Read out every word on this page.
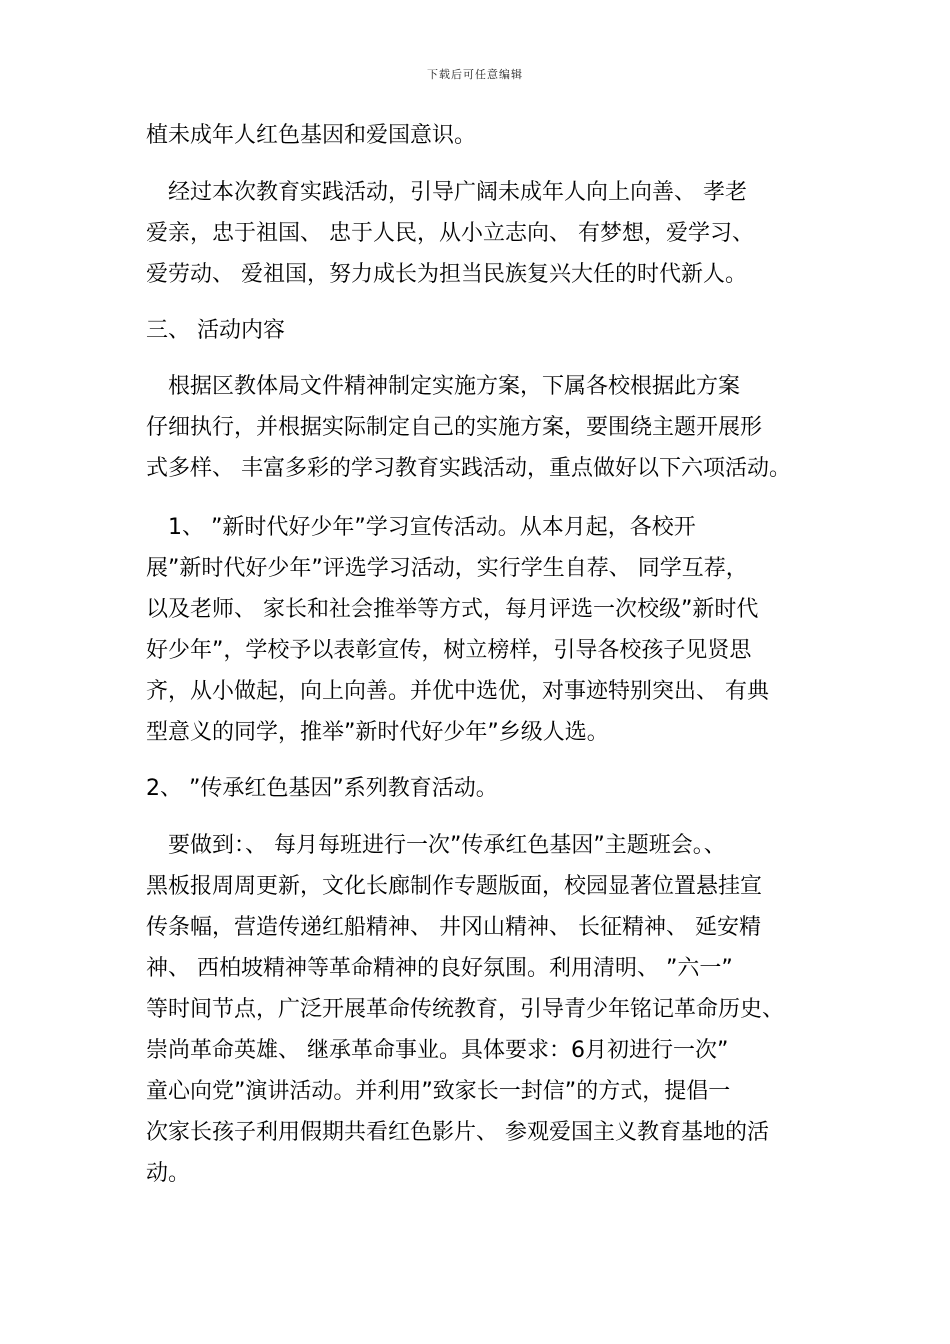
下载后可任意编辑
植未成年人红色基因和爱国意识。
　经过本次教育实践活动，引导广阔未成年人向上向善、 孝老
爱亲，忠于祖国、 忠于人民，从小立志向、 有梦想，爱学习、
爱劳动、 爱祖国，努力成长为担当民族复兴大任的时代新人。
三、 活动内容
　根据区教体局文件精神制定实施方案，下属各校根据此方案
仔细执行，并根据实际制定自己的实施方案，要围绕主题开展形
式多样、 丰富多彩的学习教育实践活动，重点做好以下六项活动。
　1、 ”新时代好少年”学习宣传活动。从本月起，各校开
展”新时代好少年”评选学习活动，实行学生自荐、 同学互荐，
以及老师、 家长和社会推举等方式，每月评选一次校级”新时代
好少年”，学校予以表彰宣传，树立榜样，引导各校孩子见贤思
齐，从小做起，向上向善。并优中选优，对事迹特别突出、 有典
型意义的同学，推举”新时代好少年”乡级人选。
2、 ”传承红色基因”系列教育活动。
　要做到：、 每月每班进行一次”传承红色基因”主题班会。、
黑板报周周更新，文化长廊制作专题版面，校园显著位置悬挂宣
传条幅，营造传递红船精神、 井冈山精神、 长征精神、 延安精
神、 西柏坡精神等革命精神的良好氛围。利用清明、 ”六一”
等时间节点，广泛开展革命传统教育，引导青少年铭记革命历史、
崇尚革命英雄、 继承革命事业。具体要求：6月初进行一次”
童心向党”演讲活动。并利用”致家长一封信”的方式，提倡一
次家长孩子利用假期共看红色影片、 参观爱国主义教育基地的活
动。
